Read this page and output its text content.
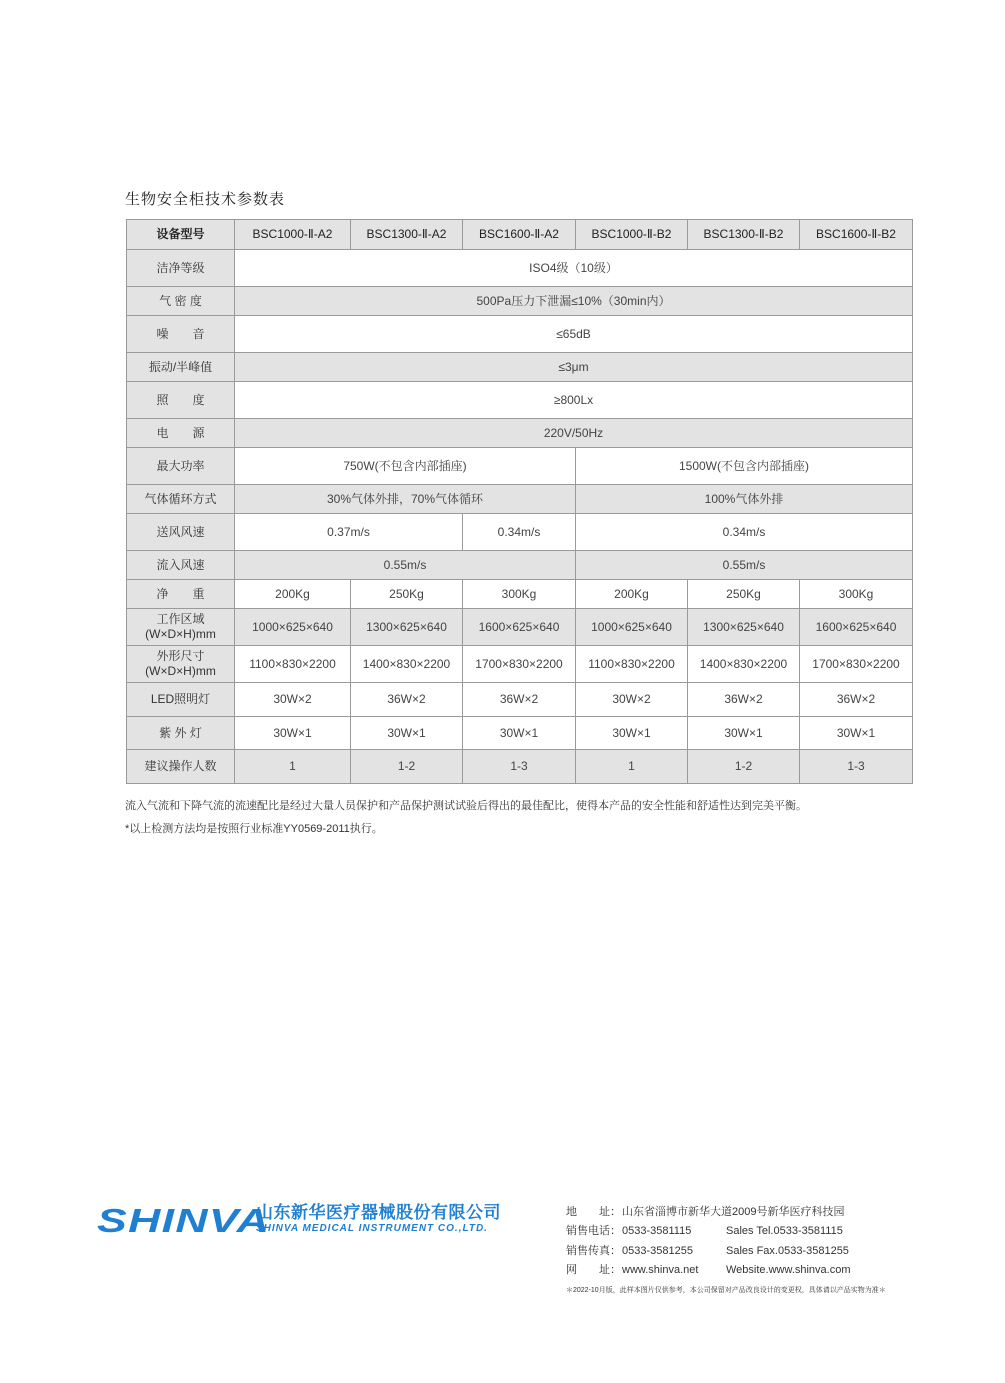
生物安全柜技术参数表
设备型号	BSC1000-Ⅱ-A2	BSC1300-Ⅱ-A2	BSC1600-Ⅱ-A2	BSC1000-Ⅱ-B2	BSC1300-Ⅱ-B2	BSC1600-Ⅱ-B2
洁净等级	ISO4级（10级）					
气 密 度	500Pa压力下泄漏≤10%（30min内）					
噪　　音	≤65dB					
振动/半峰值	≤3μm					
照　　度	≥800Lx					
电　　源	220V/50Hz					
最大功率	750W(不包含内部插座)			1500W(不包含内部插座)		
气体循环方式	30%气体外排，70%气体循环			100%气体外排		
送风风速	0.37m/s		0.34m/s	0.34m/s		
流入风速	0.55m/s			0.55m/s		
净　　重	200Kg	250Kg	300Kg	200Kg	250Kg	300Kg
工作区域
(W×D×H)mm	1000×625×640	1300×625×640	1600×625×640	1000×625×640	1300×625×640	1600×625×640
外形尺寸
(W×D×H)mm	1100×830×2200	1400×830×2200	1700×830×2200	1100×830×2200	1400×830×2200	1700×830×2200
LED照明灯	30W×2	36W×2	36W×2	30W×2	36W×2	36W×2
紫 外 灯	30W×1	30W×1	30W×1	30W×1	30W×1	30W×1
建议操作人数	1	1-2	1-3	1	1-2	1-3
流入气流和下降气流的流速配比是经过大量人员保护和产品保护测试试验后得出的最佳配比，使得本产品的安全性能和舒适性达到完美平衡。
*以上检测方法均是按照行业标准YY0569-2011执行。
SHINVA
山东新华医疗器械股份有限公司
SHINVA MEDICAL INSTRUMENT CO.,LTD.
地　　址：山东省淄博市新华大道2009号新华医疗科技园
销售电话：0533-3581115	Sales Tel.0533-3581115
销售传真：0533-3581255	Sales Fax.0533-3581255
网　　址：www.shinva.net	Website.www.shinva.com
＊2022-10月版，此样本图片仅供参考，本公司保留对产品改良设计的变更权，具体请以产品实物为准＊
